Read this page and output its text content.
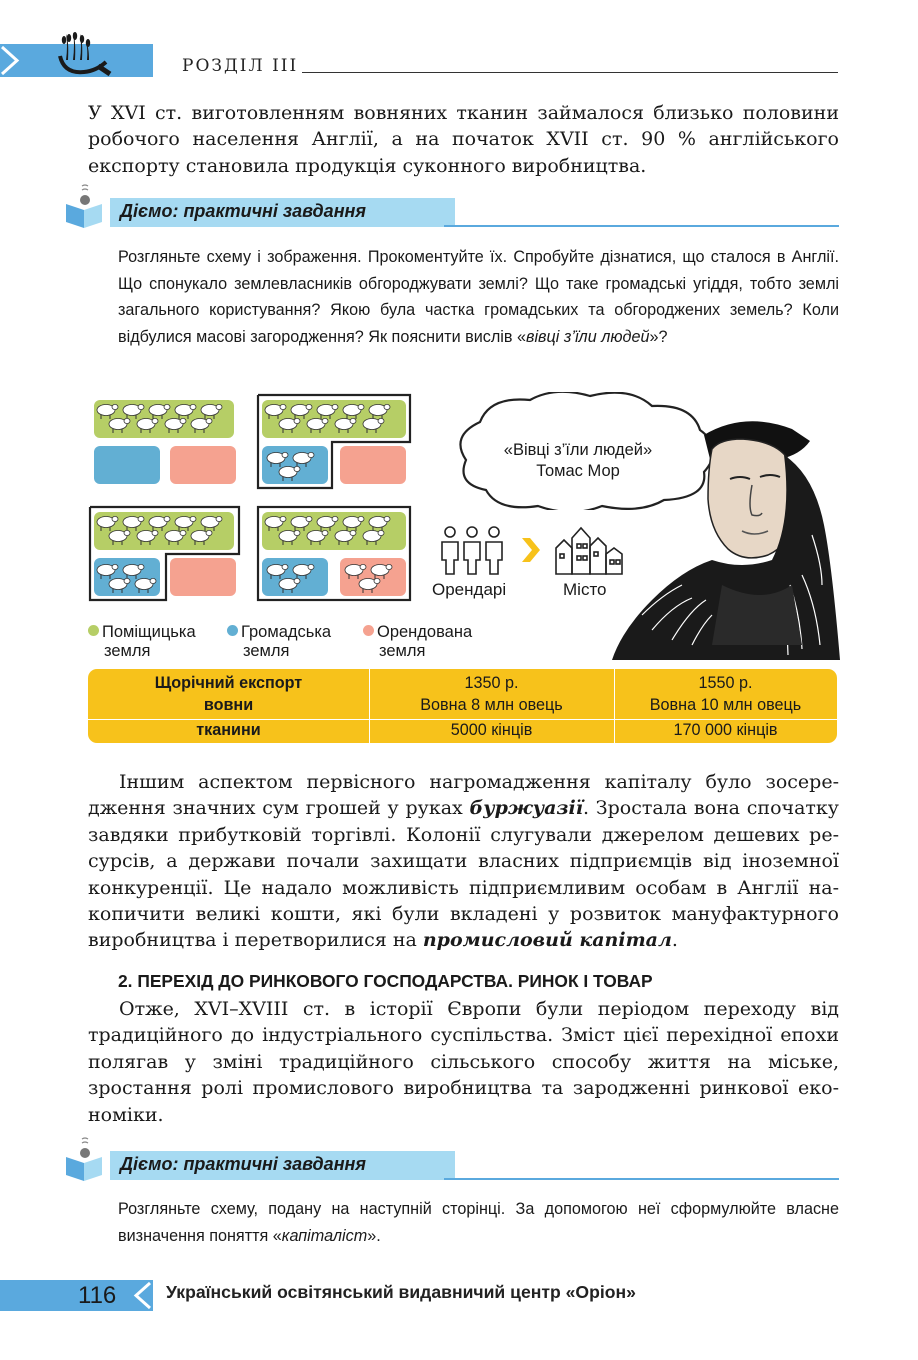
РОЗДІЛ ІІІ

У XVI ст. виготовленням вовняних тканин займалося близько половини робочого населення Англії, а на початок XVII ст. 90 % англійського експорту становила продукція суконного виробництва.

Діємо: практичні завдання

Розгляньте схему і зображення. Прокоментуйте їх. Спробуйте дізнатися, що сталося в Англії. Що спонукало землевласників обгороджувати землі? Що таке громадські угіддя, тобто землі загального користування? Якою була частка громадських та обгороджених земель? Коли відбулися масові загородження? Як пояснити вислів «вівці з’їли людей»?

«Вівці з’їли людей»
Томас Мор
Орендарі	Місто
Поміщицька
земля
Громадська
земля
Орендована
земля
Щорічний експорт
вовни
тканини
1350 р.
Вовна 8 млн овець
5000 кінців
1550 р.
Вовна 10 млн овець
170 000 кінців

Іншим аспектом первісного нагромадження капіталу було зосередження значних сум грошей у руках буржуазії. Зростала вона спочатку завдяки прибутковій торгівлі. Колонії слугували джерелом дешевих ресурсів, а держави почали захищати власних підприємців від іноземної конкуренції. Це надало можливість підприємливим особам в Англії накопичити великі кошти, які були вкладені у розвиток мануфактурного виробництва і перетворилися на промисловий капітал.

2. ПЕРЕХІД ДО РИНКОВОГО ГОСПОДАРСТВА. РИНОК І ТОВАР

Отже, XVI–XVIII ст. в історії Європи були періодом переходу від традиційного до індустріального суспільства. Зміст цієї перехідної епохи полягав у зміні традиційного сільського способу життя на міське, зростання ролі промислового виробництва та зародженні ринкової економіки.

Діємо: практичні завдання

Розгляньте схему, подану на наступній сторінці. За допомогою неї сформулюйте власне визначення поняття «капіталіст».

116	Український освітянський видавничий центр «Оріон»
